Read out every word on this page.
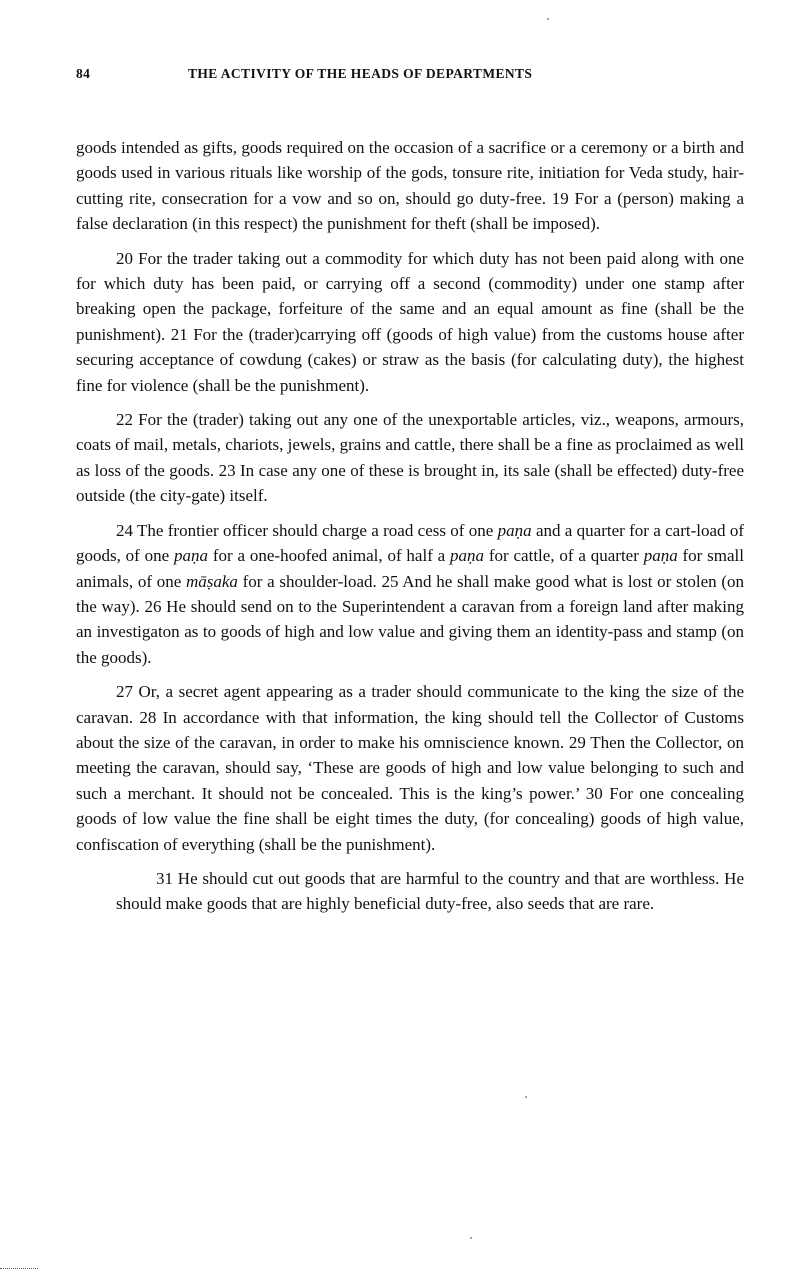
84	THE ACTIVITY OF THE HEADS OF DEPARTMENTS

goods intended as gifts, goods required on the occasion of a sacrifice or a ceremony or a birth and goods used in various rituals like worship of the gods, tonsure rite, initiation for Veda study, hair-cutting rite, consecration for a vow and so on, should go duty-free. 19 For a (person) making a false declaration (in this respect) the punishment for theft (shall be imposed).

20 For the trader taking out a commodity for which duty has not been paid along with one for which duty has been paid, or carrying off a second (commodity) under one stamp after breaking open the package, forfeiture of the same and an equal amount as fine (shall be the punishment). 21 For the (trader)carrying off (goods of high value) from the customs house after securing acceptance of cowdung (cakes) or straw as the basis (for calculating duty), the highest fine for violence (shall be the punishment).

22 For the (trader) taking out any one of the unexportable articles, viz., weapons, armours, coats of mail, metals, chariots, jewels, grains and cattle, there shall be a fine as proclaimed as well as loss of the goods. 23 In case any one of these is brought in, its sale (shall be effected) duty-free outside (the city-gate) itself.

24 The frontier officer should charge a road cess of one paṇa and a quarter for a cart-load of goods, of one paṇa for a one-hoofed animal, of half a paṇa for cattle, of a quarter paṇa for small animals, of one māṣaka for a shoulder-load. 25 And he shall make good what is lost or stolen (on the way). 26 He should send on to the Superintendent a caravan from a foreign land after making an investigaton as to goods of high and low value and giving them an identity-pass and stamp (on the goods).

27 Or, a secret agent appearing as a trader should communicate to the king the size of the caravan. 28 In accordance with that information, the king should tell the Collector of Customs about the size of the caravan, in order to make his omniscience known. 29 Then the Collector, on meeting the caravan, should say, ‘These are goods of high and low value belonging to such and such a merchant. It should not be concealed. This is the king’s power.’ 30 For one concealing goods of low value the fine shall be eight times the duty, (for concealing) goods of high value, confiscation of everything (shall be the punishment).

31 He should cut out goods that are harmful to the country and that are worthless. He should make goods that are highly beneficial duty-free, also seeds that are rare.
